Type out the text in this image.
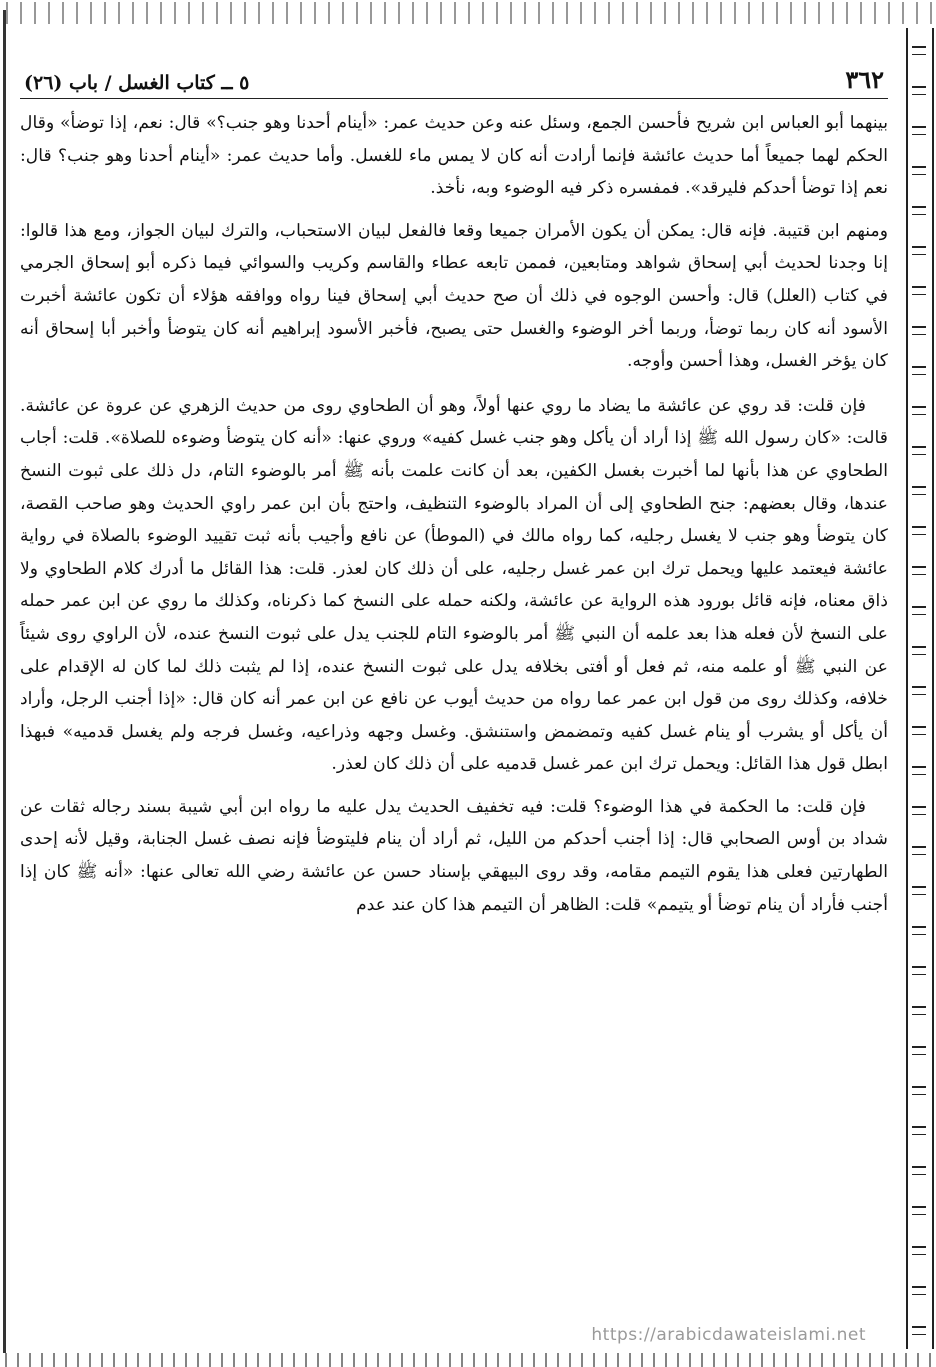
٣٦٢
٥ ــ كتاب الغسل / باب (٢٦)

بينهما أبو العباس ابن شريح فأحسن الجمع، وسئل عنه وعن حديث عمر: «أينام أحدنا وهو جنب؟» قال: نعم، إذا توضأ» وقال الحكم لهما جميعاً أما حديث عائشة فإنما أرادت أنه كان لا يمس ماء للغسل. وأما حديث عمر: «أينام أحدنا وهو جنب؟ قال: نعم إذا توضأ أحدكم فليرقد». فمفسره ذكر فيه الوضوء وبه، نأخذ.

ومنهم ابن قتيبة. فإنه قال: يمكن أن يكون الأمران جميعا وقعا فالفعل لبيان الاستحباب، والترك لبيان الجواز، ومع هذا قالوا: إنا وجدنا لحديث أبي إسحاق شواهد ومتابعين، فممن تابعه عطاء والقاسم وكريب والسوائي فيما ذكره أبو إسحاق الجرمي في كتاب (العلل) قال: وأحسن الوجوه في ذلك أن صح حديث أبي إسحاق فينا رواه ووافقه هؤلاء أن تكون عائشة أخبرت الأسود أنه كان ربما توضأ، وربما أخر الوضوء والغسل حتى يصبح، فأخبر الأسود إبراهيم أنه كان يتوضأ وأخبر أبا إسحاق أنه كان يؤخر الغسل، وهذا أحسن وأوجه.

فإن قلت: قد روي عن عائشة ما يضاد ما روي عنها أولاً، وهو أن الطحاوي روى من حديث الزهري عن عروة عن عائشة. قالت: «كان رسول الله ﷺ إذا أراد أن يأكل وهو جنب غسل كفيه» وروي عنها: «أنه كان يتوضأ وضوءه للصلاة». قلت: أجاب الطحاوي عن هذا بأنها لما أخبرت بغسل الكفين، بعد أن كانت علمت بأنه ﷺ أمر بالوضوء التام، دل ذلك على ثبوت النسخ عندها، وقال بعضهم: جنح الطحاوي إلى أن المراد بالوضوء التنظيف، واحتج بأن ابن عمر راوي الحديث وهو صاحب القصة، كان يتوضأ وهو جنب لا يغسل رجليه، كما رواه مالك في (الموطأ) عن نافع وأجيب بأنه ثبت تقييد الوضوء بالصلاة في رواية عائشة فيعتمد عليها ويحمل ترك ابن عمر غسل رجليه، على أن ذلك كان لعذر. قلت: هذا القائل ما أدرك كلام الطحاوي ولا ذاق معناه، فإنه قائل بورود هذه الرواية عن عائشة، ولكنه حمله على النسخ كما ذكرناه، وكذلك ما روي عن ابن عمر حمله على النسخ لأن فعله هذا بعد علمه أن النبي ﷺ أمر بالوضوء التام للجنب يدل على ثبوت النسخ عنده، لأن الراوي روى شيئاً عن النبي ﷺ أو علمه منه، ثم فعل أو أفتى بخلافه يدل على ثبوت النسخ عنده، إذا لم يثبت ذلك لما كان له الإقدام على خلافه، وكذلك روى من قول ابن عمر عما رواه من حديث أيوب عن نافع عن ابن عمر أنه كان قال: «إذا أجنب الرجل، وأراد أن يأكل أو يشرب أو ينام غسل كفيه وتمضمض واستنشق. وغسل وجهه وذراعيه، وغسل فرجه ولم يغسل قدميه» فبهذا ابطل قول هذا القائل: ويحمل ترك ابن عمر غسل قدميه على أن ذلك كان لعذر.

فإن قلت: ما الحكمة في هذا الوضوء؟ قلت: فيه تخفيف الحديث يدل عليه ما رواه ابن أبي شيبة بسند رجاله ثقات عن شداد بن أوس الصحابي قال: إذا أجنب أحدكم من الليل، ثم أراد أن ينام فليتوضأ فإنه نصف غسل الجنابة، وقيل لأنه إحدى الطهارتين فعلى هذا يقوم التيمم مقامه، وقد روى البيهقي بإسناد حسن عن عائشة رضي الله تعالى عنها: «أنه ﷺ كان إذا أجنب فأراد أن ينام توضأ أو يتيمم» قلت: الظاهر أن التيمم هذا كان عند عدم

https://arabicdawateislami.net
